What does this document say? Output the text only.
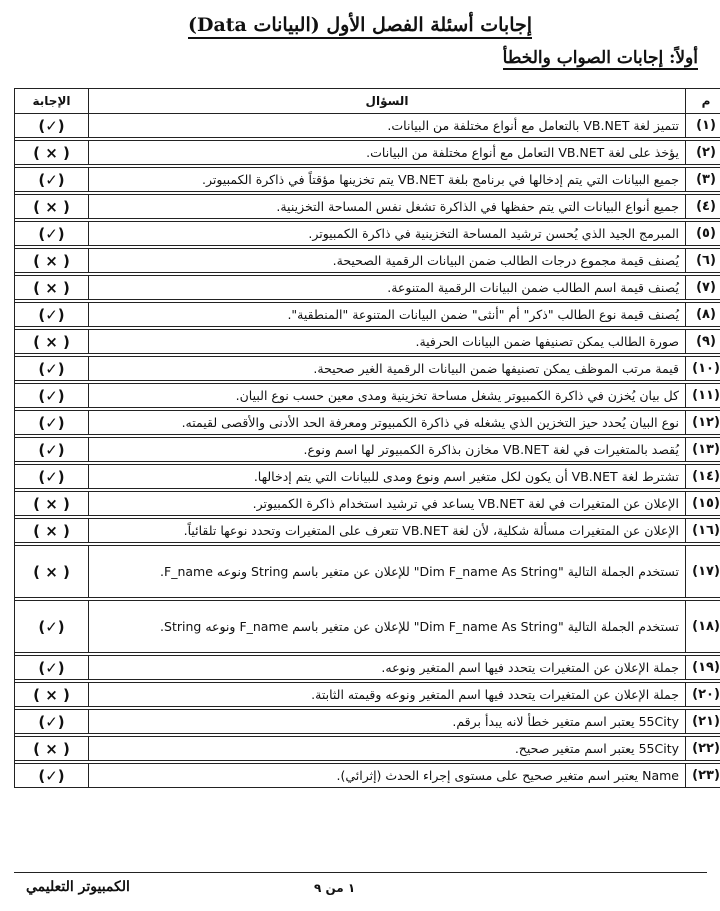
إجابات أسئلة الفصل الأول (البيانات Data)
أولاً: إجابات الصواب والخطأ
م	السؤال	الإجابة
(١)	تتميز لغة VB.NET بالتعامل مع أنواع مختلفة من البيانات.	(✓)

(٢)	يؤخذ على لغة VB.NET التعامل مع أنواع مختلفة من البيانات.	( × )

(٣)	جميع البيانات التي يتم إدخالها في برنامج بلغة VB.NET يتم تخزينها مؤقتاً في ذاكرة الكمبيوتر.	(✓)

(٤)	جميع أنواع البيانات التي يتم حفظها في الذاكرة تشغل نفس المساحة التخزينية.	( × )

(٥)	المبرمج الجيد الذي يُحسن ترشيد المساحة التخزينية في ذاكرة الكمبيوتر.	(✓)

(٦)	يُصنف قيمة مجموع درجات الطالب ضمن البيانات الرقمية الصحيحة.	( × )

(٧)	يُصنف قيمة اسم الطالب ضمن البيانات الرقمية المتنوعة.	( × )

(٨)	يُصنف قيمة نوع الطالب "ذكر" أم "أنثى" ضمن البيانات المتنوعة "المنطقية".	(✓)

(٩)	صورة الطالب يمكن تصنيفها ضمن البيانات الحرفية.	( × )

(١٠)	قيمة مرتب الموظف يمكن تصنيفها ضمن البيانات الرقمية الغير صحيحة.	(✓)

(١١)	كل بيان يُخزن في ذاكرة الكمبيوتر يشغل مساحة تخزينية ومدى معين حسب نوع البيان.	(✓)

(١٢)	نوع البيان يُحدد حيز التخزين الذي يشغله في ذاكرة الكمبيوتر ومعرفة الحد الأدنى والأقصى لقيمته.	(✓)

(١٣)	يُقصد بالمتغيرات في لغة VB.NET مخازن بذاكرة الكمبيوتر لها اسم ونوع.	(✓)

(١٤)	تشترط لغة VB.NET أن يكون لكل متغير اسم ونوع ومدى للبيانات التي يتم إدخالها.	(✓)

(١٥)	الإعلان عن المتغيرات في لغة VB.NET يساعد في ترشيد استخدام ذاكرة الكمبيوتر.	( × )

(١٦)	الإعلان عن المتغيرات مسألة شكلية، لأن لغة VB.NET تتعرف على المتغيرات وتحدد نوعها تلقائياً.	( × )

(١٧)	تستخدم الجملة التالية "Dim F_name As String" للإعلان عن متغير باسم String ونوعه F_name.	( × )

(١٨)	تستخدم الجملة التالية "Dim F_name As String" للإعلان عن متغير باسم F_name ونوعه String.	(✓)

(١٩)	جملة الإعلان عن المتغيرات يتحدد فيها اسم المتغير ونوعه.	(✓)

(٢٠)	جملة الإعلان عن المتغيرات يتحدد فيها اسم المتغير ونوعه وقيمته الثابتة.	( × )

(٢١)	55City يعتبر اسم متغير خطأ لانه يبدأ برقم.	(✓)

(٢٢)	55City يعتبر اسم متغير صحيح.	( × )

(٢٣)	Name يعتبر اسم متغير صحيح على مستوى إجراء الحدث (إثرائي).	(✓)
١ من ٩
الكمبيوتر التعليمي
